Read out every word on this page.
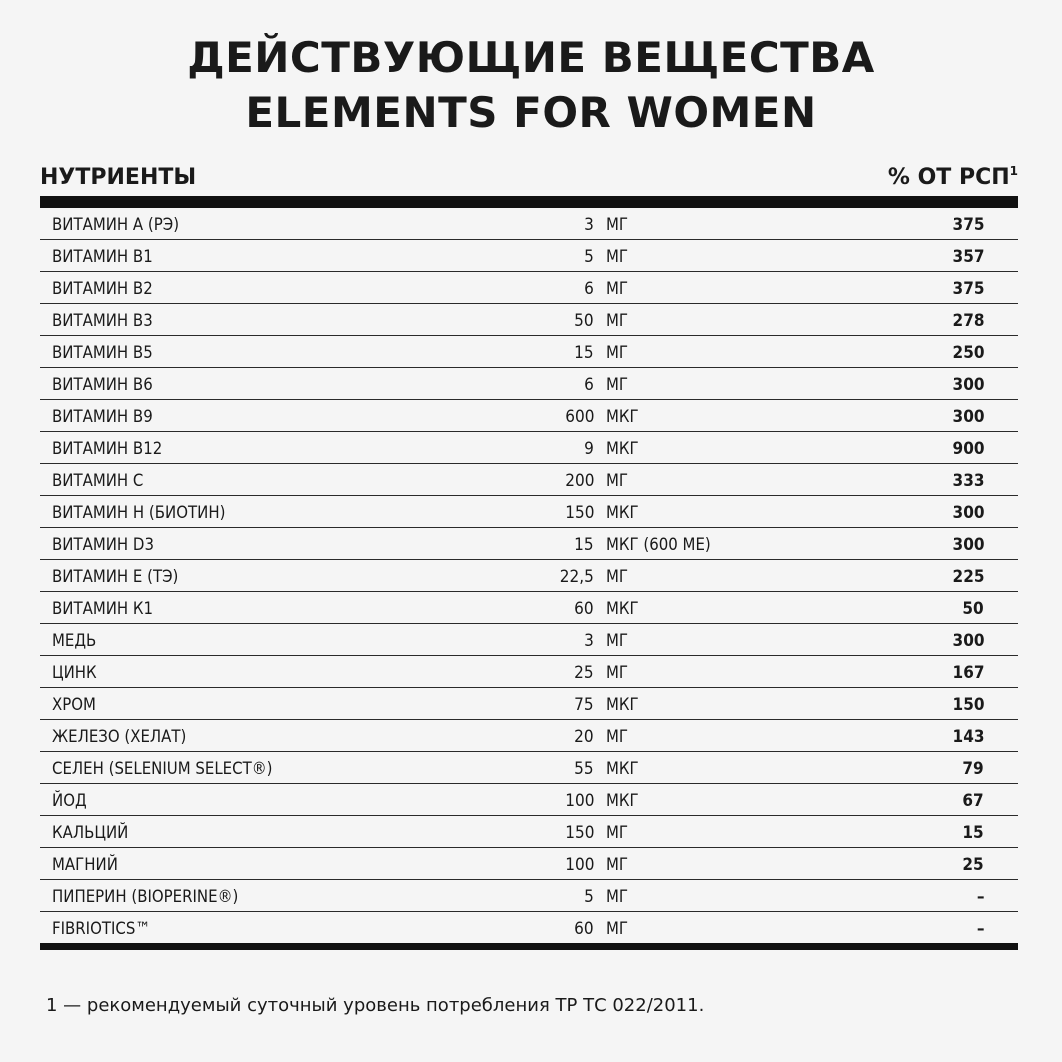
ДЕЙСТВУЮЩИЕ ВЕЩЕСТВА
ELEMENTS FOR WOMEN
НУТРИЕНТЫ	% ОТ РСП$^1$
ВИТАМИН А (РЭ)	3 МГ	375
ВИТАМИН В1	5 МГ	357
ВИТАМИН В2	6 МГ	375
ВИТАМИН В3	50 МГ	278
ВИТАМИН В5	15 МГ	250
ВИТАМИН В6	6 МГ	300
ВИТАМИН В9	600 МКГ	300
ВИТАМИН В12	9 МКГ	900
ВИТАМИН С	200 МГ	333
ВИТАМИН Н (БИОТИН)	150 МКГ	300
ВИТАМИН D3	15 МКГ (600 МЕ)	300
ВИТАМИН Е (ТЭ)	22,5 МГ	225
ВИТАМИН К1	60 МКГ	50
МЕДЬ	3 МГ	300
ЦИНК	25 МГ	167
ХРОМ	75 МКГ	150
ЖЕЛЕЗО (ХЕЛАТ)	20 МГ	143
СЕЛЕН (SELENIUM SELECT®)	55 МКГ	79
ЙОД	100 МКГ	67
КАЛЬЦИЙ	150 МГ	15
МАГНИЙ	100 МГ	25
ПИПЕРИН (BIOPERINE®)	5 МГ	–
FIBRIOTICS™	60 МГ	–
1 — рекомендуемый суточный уровень потребления ТР ТС 022/2011.
